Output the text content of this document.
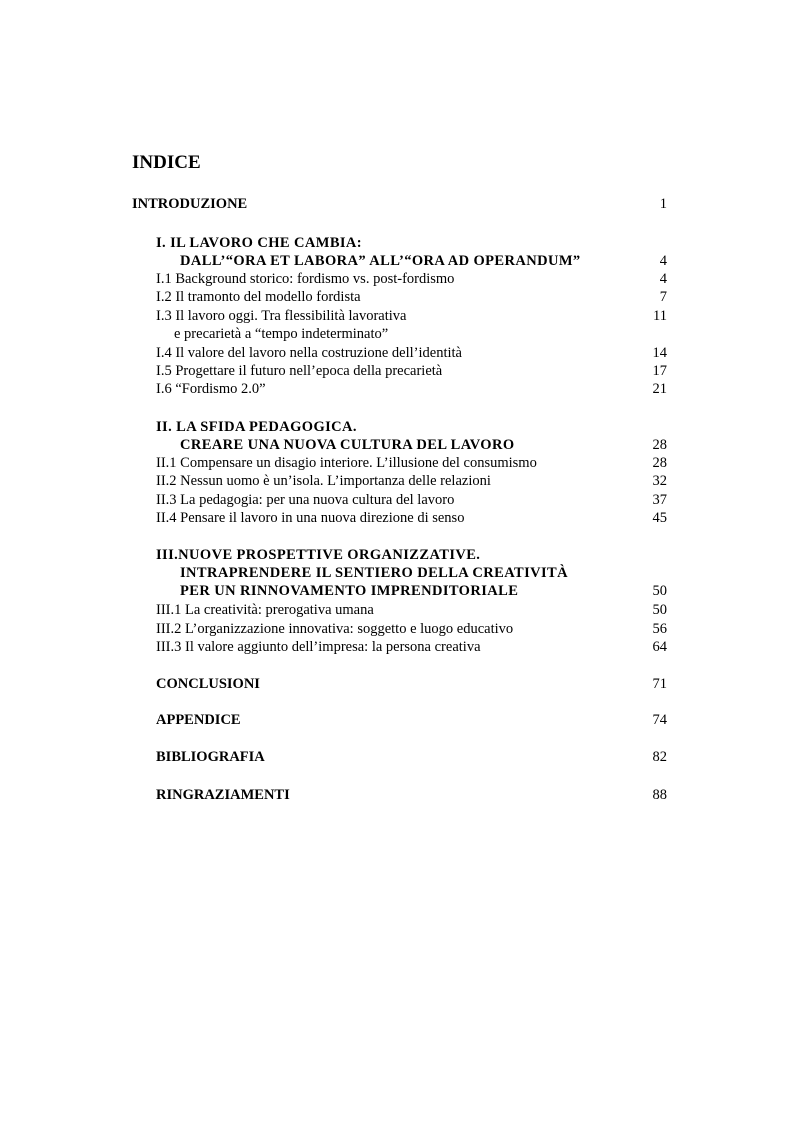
INDICE
INTRODUZIONE	1
I. IL LAVORO CHE CAMBIA:
DALL’“ORA ET LABORA” ALL’“ORA AD OPERANDUM”	4
I.1 Background storico: fordismo vs. post-fordismo	4
I.2 Il tramonto del modello fordista	7
I.3 Il lavoro oggi. Tra flessibilità lavorativa	11
e precarietà a “tempo indeterminato”
I.4 Il valore del lavoro nella costruzione dell’identità	14
I.5 Progettare il futuro nell’epoca della precarietà	17
I.6 “Fordismo 2.0”	21
II. LA SFIDA PEDAGOGICA.
CREARE UNA NUOVA CULTURA DEL LAVORO	28
II.1 Compensare un disagio interiore. L’illusione del consumismo	28
II.2 Nessun uomo è un’isola. L’importanza delle relazioni	32
II.3 La pedagogia: per una nuova cultura del lavoro	37
II.4 Pensare il lavoro in una nuova direzione di senso	45
III.NUOVE PROSPETTIVE ORGANIZZATIVE.
INTRAPRENDERE IL SENTIERO DELLA CREATIVITÀ
PER UN RINNOVAMENTO IMPRENDITORIALE	50
III.1 La creatività: prerogativa umana	50
III.2 L’organizzazione innovativa: soggetto e luogo educativo	56
III.3 Il valore aggiunto dell’impresa: la persona creativa	64
CONCLUSIONI	71
APPENDICE	74
BIBLIOGRAFIA	82
RINGRAZIAMENTI	88
